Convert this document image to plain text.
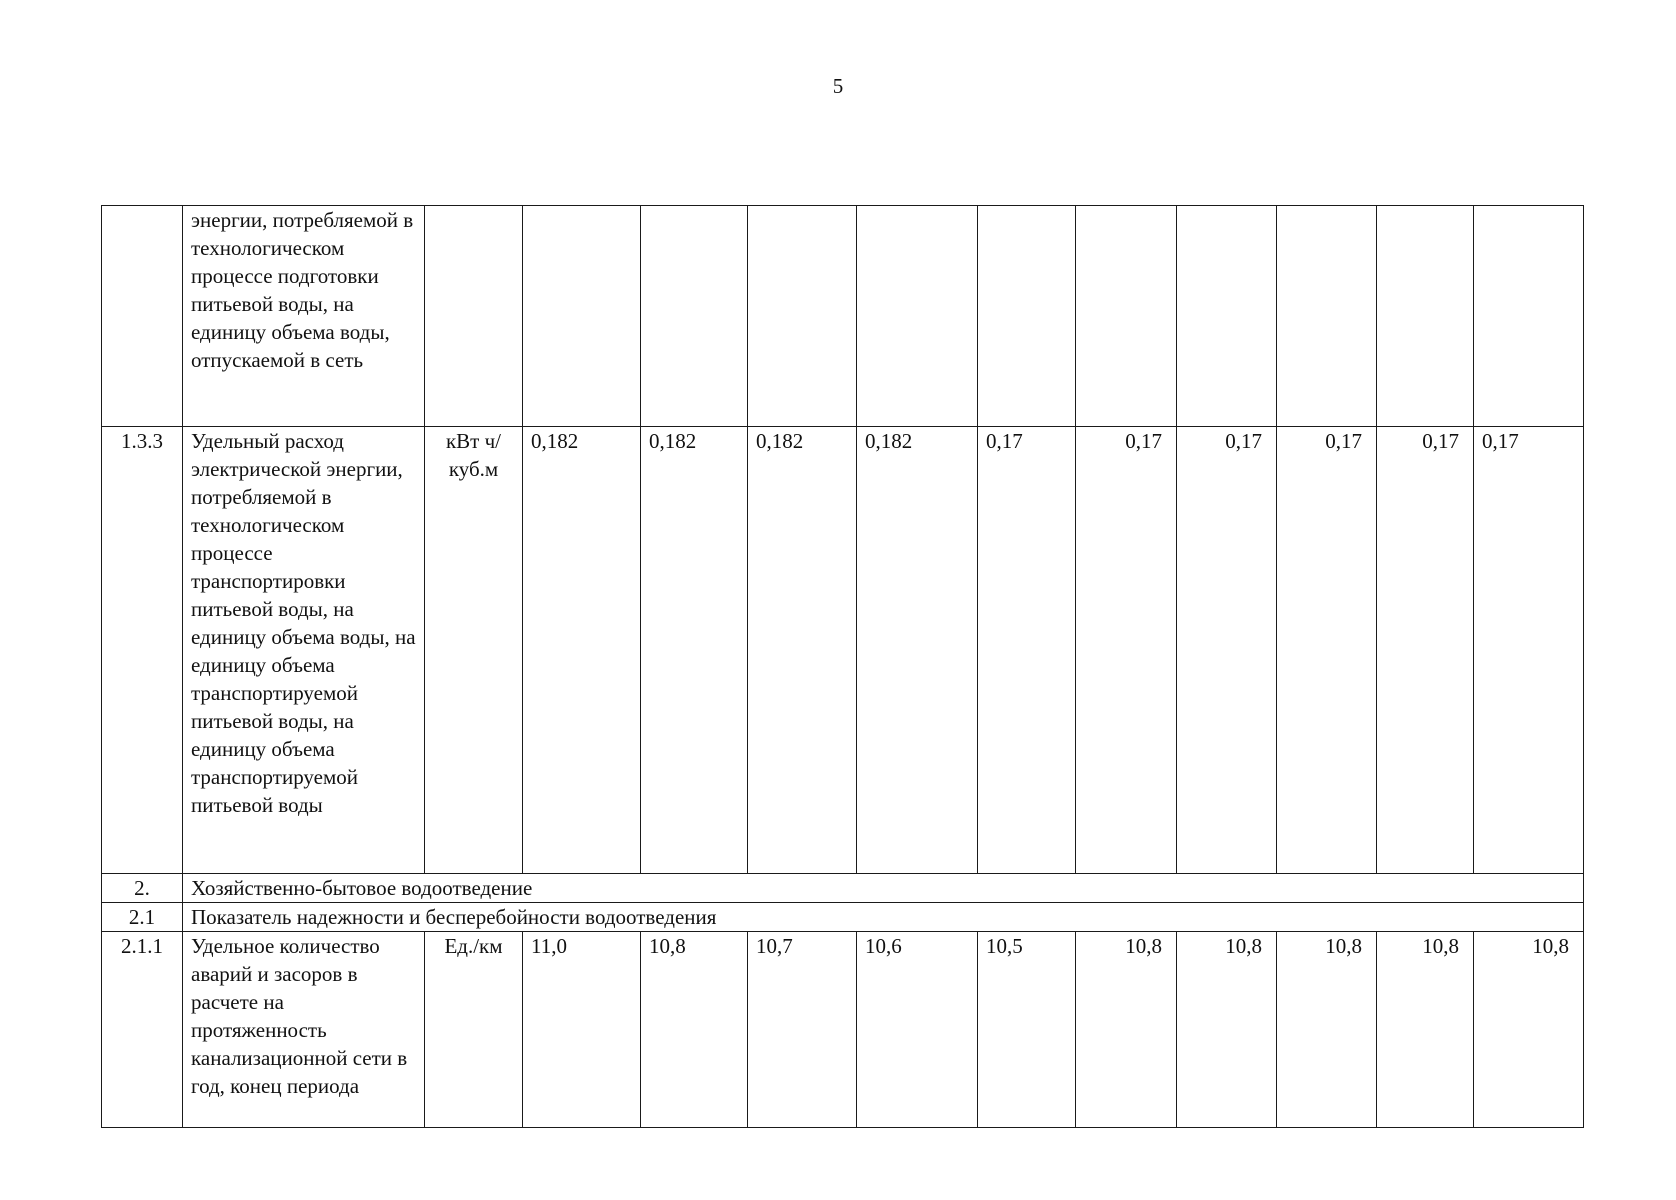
5
	энергии, потребляемой в технологическом процессе подготовки питьевой воды, на единицу объема воды, отпускаемой в сеть											
1.3.3	Удельный расход электрической энергии, потребляемой в технологическом процессе транспортировки питьевой воды, на единицу объема воды, на единицу объема транспортируемой питьевой воды, на единицу объема транспортируемой питьевой воды	кВт ч/куб.м	0,182	0,182	0,182	0,182	0,17	0,17	0,17	0,17	0,17	0,17
2.	Хозяйственно-бытовое водоотведение											
2.1	Показатель надежности и бесперебойности водоотведения											
2.1.1	Удельное количество аварий и засоров в расчете на протяженность канализационной сети в год, конец периода	Ед./км	11,0	10,8	10,7	10,6	10,5	10,8	10,8	10,8	10,8	10,8
